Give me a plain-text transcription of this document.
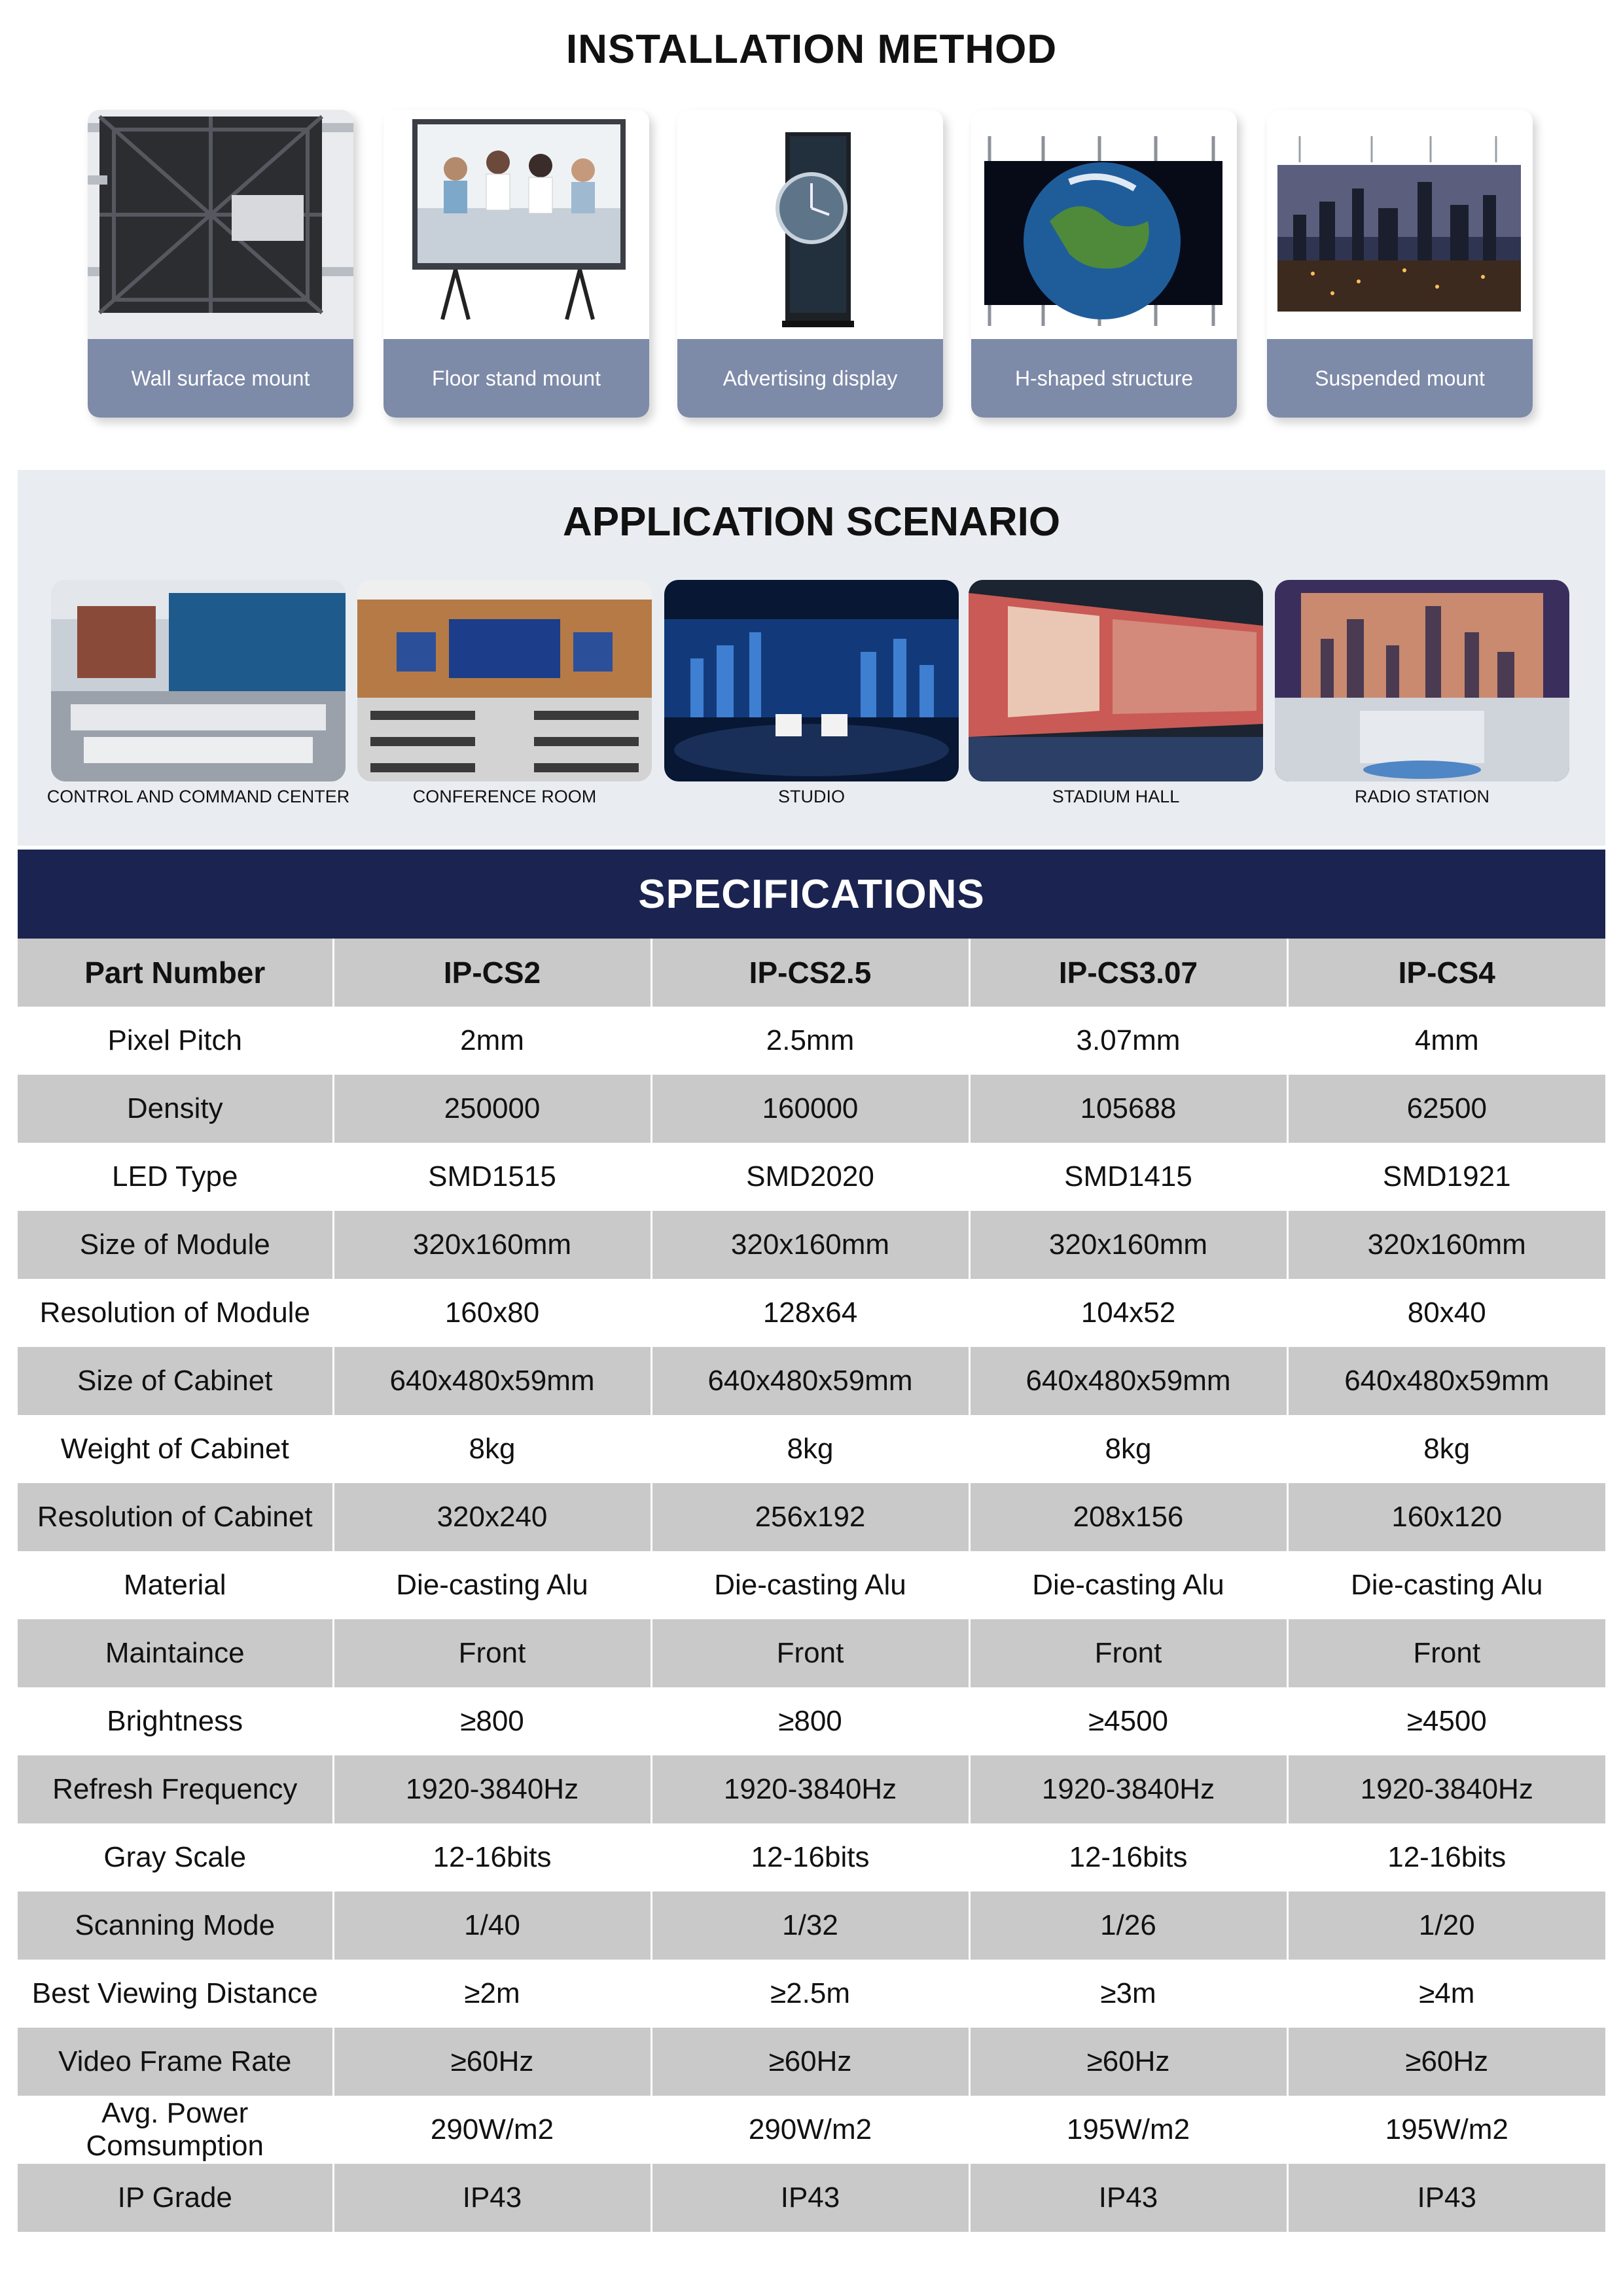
INSTALLATION METHOD
Wall surface mount	Floor stand mount	Advertising display	H-shaped structure	Suspended mount
APPLICATION SCENARIO
CONTROL AND COMMAND CENTER	CONFERENCE ROOM	STUDIO	STADIUM HALL	RADIO STATION
SPECIFICATIONS
Part Number	IP-CS2	IP-CS2.5	IP-CS3.07	IP-CS4
Pixel Pitch	2mm	2.5mm	3.07mm	4mm
Density	250000	160000	105688	62500
LED Type	SMD1515	SMD2020	SMD1415	SMD1921
Size of Module	320x160mm	320x160mm	320x160mm	320x160mm
Resolution of Module	160x80	128x64	104x52	80x40
Size of Cabinet	640x480x59mm	640x480x59mm	640x480x59mm	640x480x59mm
Weight of Cabinet	8kg	8kg	8kg	8kg
Resolution of Cabinet	320x240	256x192	208x156	160x120
Material	Die-casting Alu	Die-casting Alu	Die-casting Alu	Die-casting Alu
Maintaince	Front	Front	Front	Front
Brightness	≥800	≥800	≥4500	≥4500
Refresh Frequency	1920-3840Hz	1920-3840Hz	1920-3840Hz	1920-3840Hz
Gray Scale	12-16bits	12-16bits	12-16bits	12-16bits
Scanning Mode	1/40	1/32	1/26	1/20
Best Viewing Distance	≥2m	≥2.5m	≥3m	≥4m
Video Frame Rate	≥60Hz	≥60Hz	≥60Hz	≥60Hz
Avg. Power Comsumption	290W/m2	290W/m2	195W/m2	195W/m2
IP Grade	IP43	IP43	IP43	IP43
